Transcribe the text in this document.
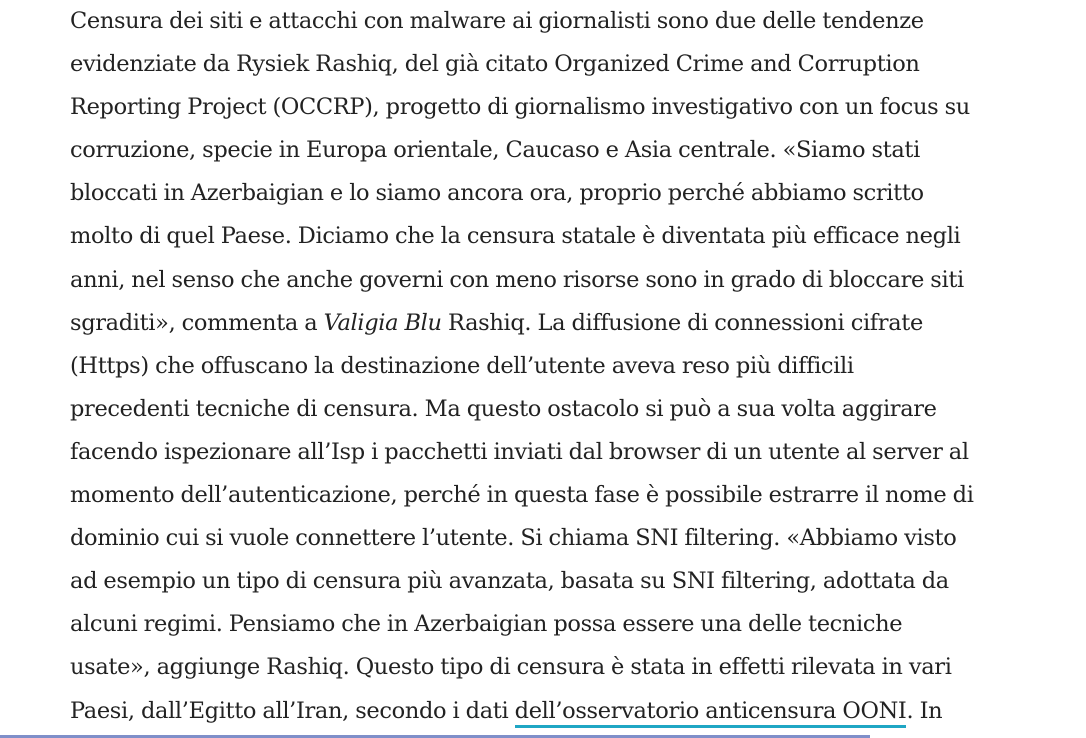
Censura dei siti e attacchi con malware ai giornalisti sono due delle tendenze
evidenziate da Rysiek Rashiq, del già citato Organized Crime and Corruption
Reporting Project (OCCRP), progetto di giornalismo investigativo con un focus su
corruzione, specie in Europa orientale, Caucaso e Asia centrale. «Siamo stati
bloccati in Azerbaigian e lo siamo ancora ora, proprio perché abbiamo scritto
molto di quel Paese. Diciamo che la censura statale è diventata più efficace negli
anni, nel senso che anche governi con meno risorse sono in grado di bloccare siti
sgraditi», commenta a Valigia Blu Rashiq. La diffusione di connessioni cifrate
(Https) che offuscano la destinazione dell’utente aveva reso più difficili
precedenti tecniche di censura. Ma questo ostacolo si può a sua volta aggirare
facendo ispezionare all’Isp i pacchetti inviati dal browser di un utente al server al
momento dell’autenticazione, perché in questa fase è possibile estrarre il nome di
dominio cui si vuole connettere l’utente. Si chiama SNI filtering. «Abbiamo visto
ad esempio un tipo di censura più avanzata, basata su SNI filtering, adottata da
alcuni regimi. Pensiamo che in Azerbaigian possa essere una delle tecniche
usate», aggiunge Rashiq. Questo tipo di censura è stata in effetti rilevata in vari
Paesi, dall’Egitto all’Iran, secondo i dati dell’osservatorio anticensura OONI. In
